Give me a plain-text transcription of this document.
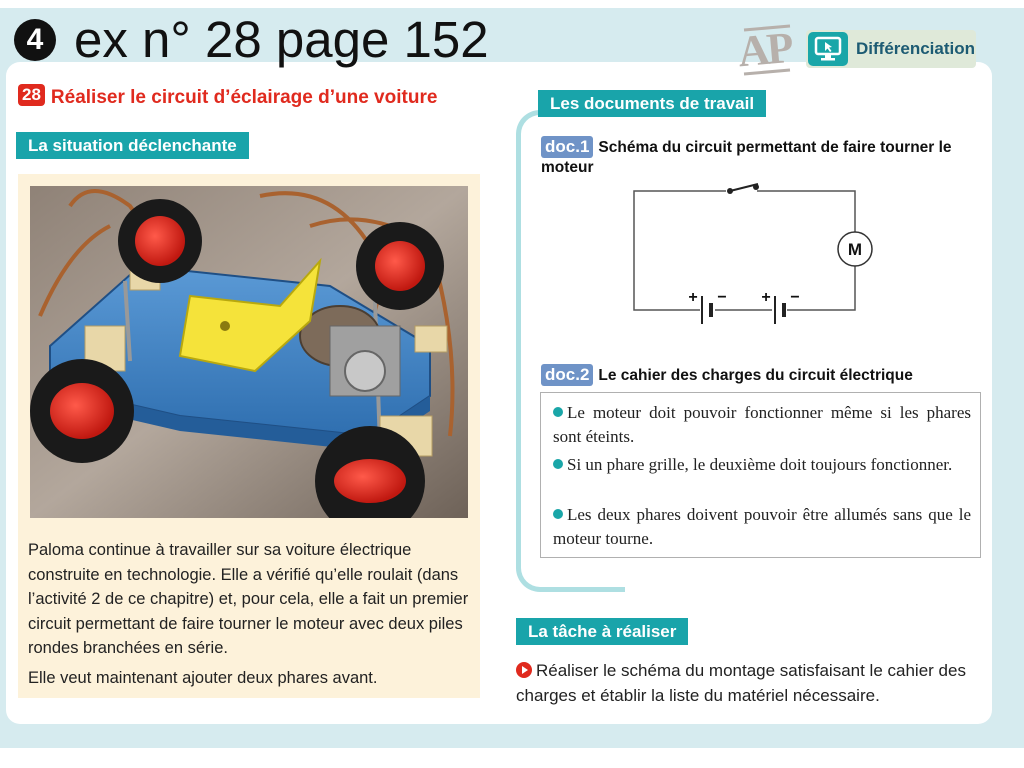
4 ex n° 28 page 152	AP	Différenciation
28 Réaliser le circuit d’éclairage d’une voiture
La situation déclenchante
Paloma continue à travailler sur sa voiture électrique construite en technologie. Elle a vérifié qu’elle roulait (dans l’activité 2 de ce chapitre) et, pour cela, elle a fait un premier circuit permettant de faire tourner le moteur avec deux piles rondes branchées en série.
Elle veut maintenant ajouter deux phares avant.
Les documents de travail
doc.1 Schéma du circuit permettant de faire tourner le moteur
M
+ − + −
doc.2 Le cahier des charges du circuit électrique
Le moteur doit pouvoir fonctionner même si les phares sont éteints.
Si un phare grille, le deuxième doit toujours fonctionner.
Les deux phares doivent pouvoir être allumés sans que le moteur tourne.
La tâche à réaliser
Réaliser le schéma du montage satisfaisant le cahier des charges et établir la liste du matériel nécessaire.
